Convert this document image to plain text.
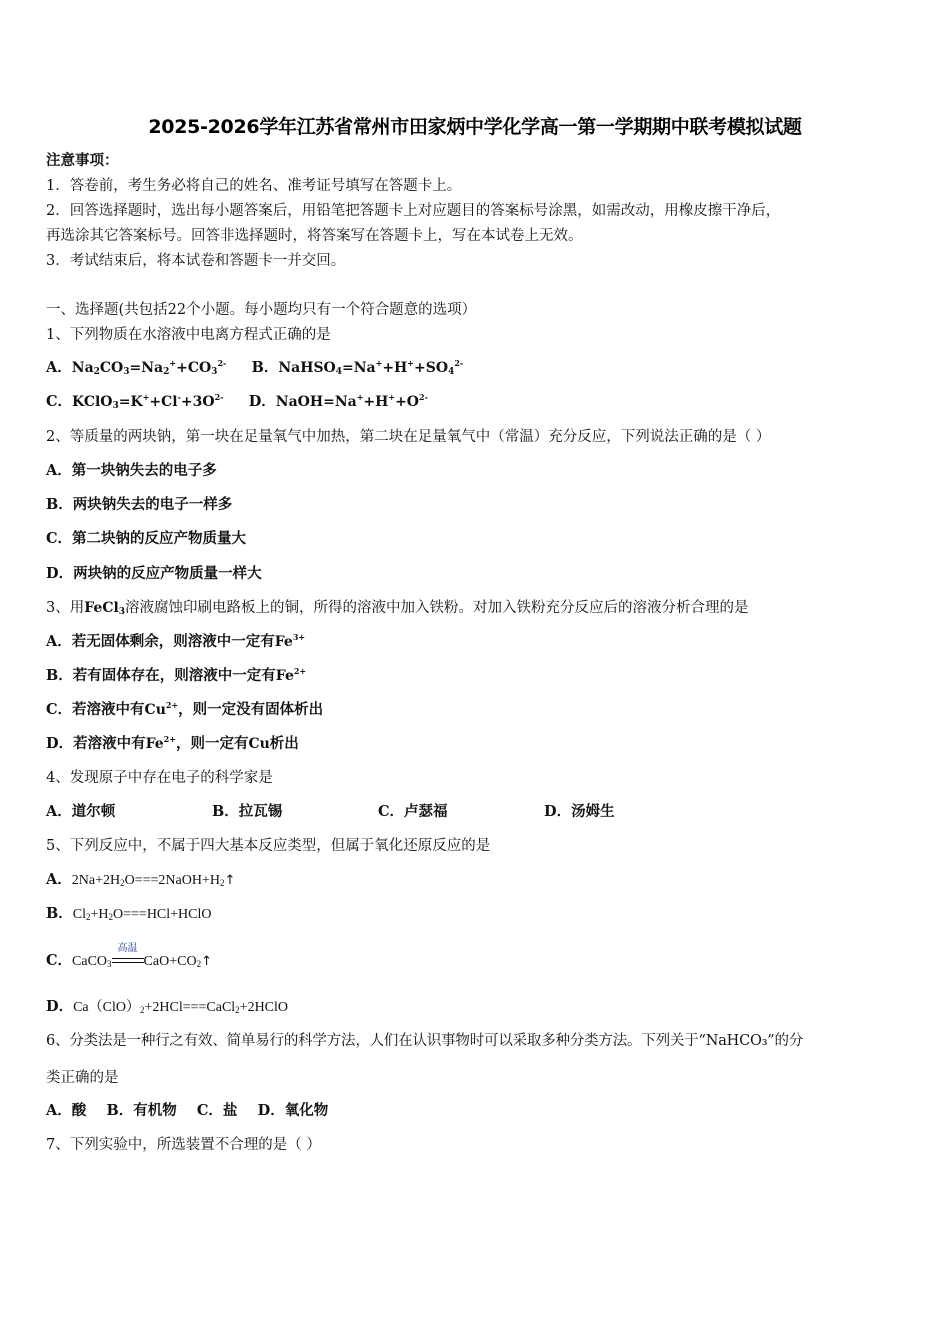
2025-2026学年江苏省常州市田家炳中学化学高一第一学期期中联考模拟试题
注意事项：
1．答卷前，考生务必将自己的姓名、准考证号填写在答题卡上。
2．回答选择题时，选出每小题答案后，用铅笔把答题卡上对应题目的答案标号涂黑，如需改动，用橡皮擦干净后，
再选涂其它答案标号。回答非选择题时，将答案写在答题卡上，写在本试卷上无效。
3．考试结束后，将本试卷和答题卡一并交回。
一、选择题(共包括22个小题。每小题均只有一个符合题意的选项）
1、下列物质在水溶液中电离方程式正确的是
A．$Na_2CO_3=Na_2^++CO_3^{2-}$ B．$NaHSO_4=Na^++H^++SO_4^{2-}$
C．$KClO_3=K^++Cl^-+3O^{2-}$ D．$NaOH=Na^++H^++O^{2-}$
2、等质量的两块钠，第一块在足量氧气中加热，第二块在足量氧气中（常温）充分反应，下列说法正确的是（ ）
A．第一块钠失去的电子多
B．两块钠失去的电子一样多
C．第二块钠的反应产物质量大
D．两块钠的反应产物质量一样大
3、用FeCl$_3$溶液腐蚀印刷电路板上的铜，所得的溶液中加入铁粉。对加入铁粉充分反应后的溶液分析合理的是
A．若无固体剩余，则溶液中一定有$Fe^{3+}$
B．若有固体存在，则溶液中一定有$Fe^{2+}$
C．若溶液中有$Cu^{2+}$，则一定没有固体析出
D．若溶液中有$Fe^{2+}$，则一定有Cu析出
4、发现原子中存在电子的科学家是
A．道尔顿	B．拉瓦锡	C．卢瑟福	D．汤姆生
5、下列反应中，不属于四大基本反应类型，但属于氧化还原反应的是
A．$2Na+2H_2O===2NaOH+H_2↑$
B．$Cl_2+H_2O===HCl+HClO$
C．CaCO$_3$
高温
$CaO+CO_2↑$
D．$Ca(ClO)_2+2HCl===CaCl_2+2HClO$
6、分类法是一种行之有效、简单易行的科学方法，人们在认识事物时可以采取多种分类方法。下列关于“NaHCO₃”的分
类正确的是
A．酸    B．有机物    C．盐    D．氧化物
7、下列实验中，所选装置不合理的是（ ）
